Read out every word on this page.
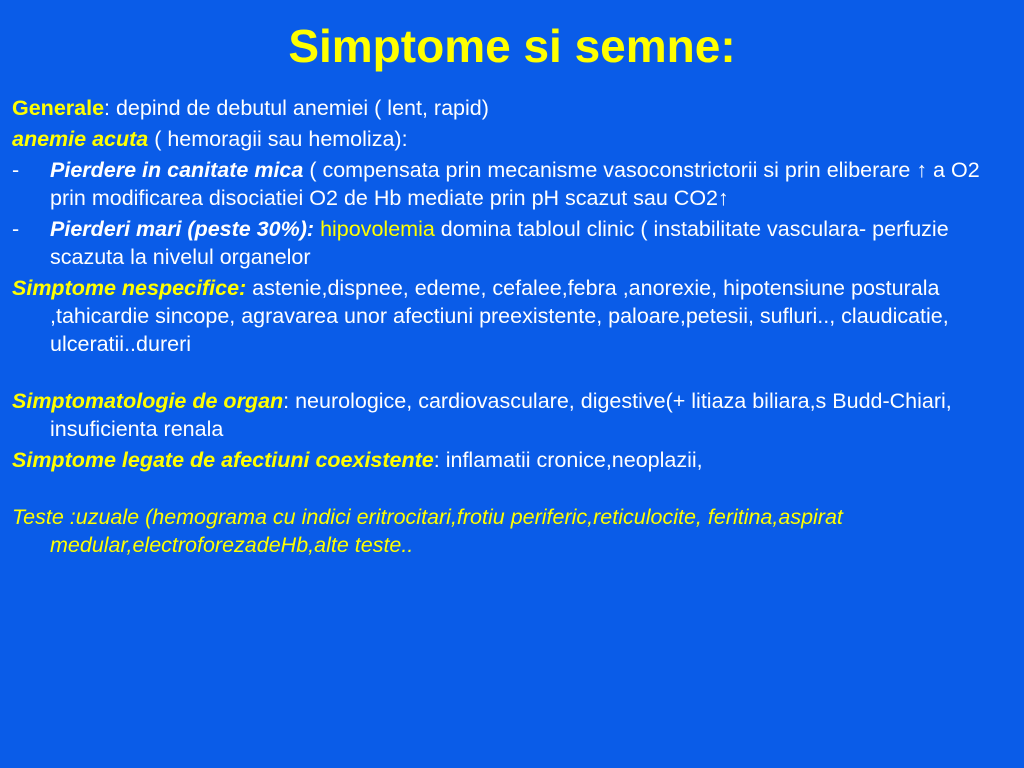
Simptome si semne:

Generale: depind de debutul anemiei ( lent, rapid)

anemie acuta ( hemoragii sau hemoliza):

- Pierdere in canitate mica ( compensata prin mecanisme vasoconstrictorii si prin eliberare ↑ a O2 prin modificarea disociatiei O2 de Hb mediate prin pH scazut sau CO2↑

- Pierderi mari (peste 30%): hipovolemia domina tabloul clinic ( instabilitate vasculara- perfuzie scazuta la nivelul organelor

Simptome nespecifice: astenie,dispnee, edeme, cefalee,febra ,anorexie, hipotensiune posturala ,tahicardie sincope, agravarea unor afectiuni preexistente, paloare,petesii, sufluri.., claudicatie, ulceratii..dureri

Simptomatologie de organ: neurologice, cardiovasculare, digestive(+ litiaza biliara,s Budd-Chiari, insuficienta renala

Simptome legate de afectiuni coexistente: inflamatii cronice,neoplazii,

Teste :uzuale (hemograma cu indici eritrocitari,frotiu periferic,reticulocite, feritina,aspirat medular,electroforezadeHb,alte teste..
